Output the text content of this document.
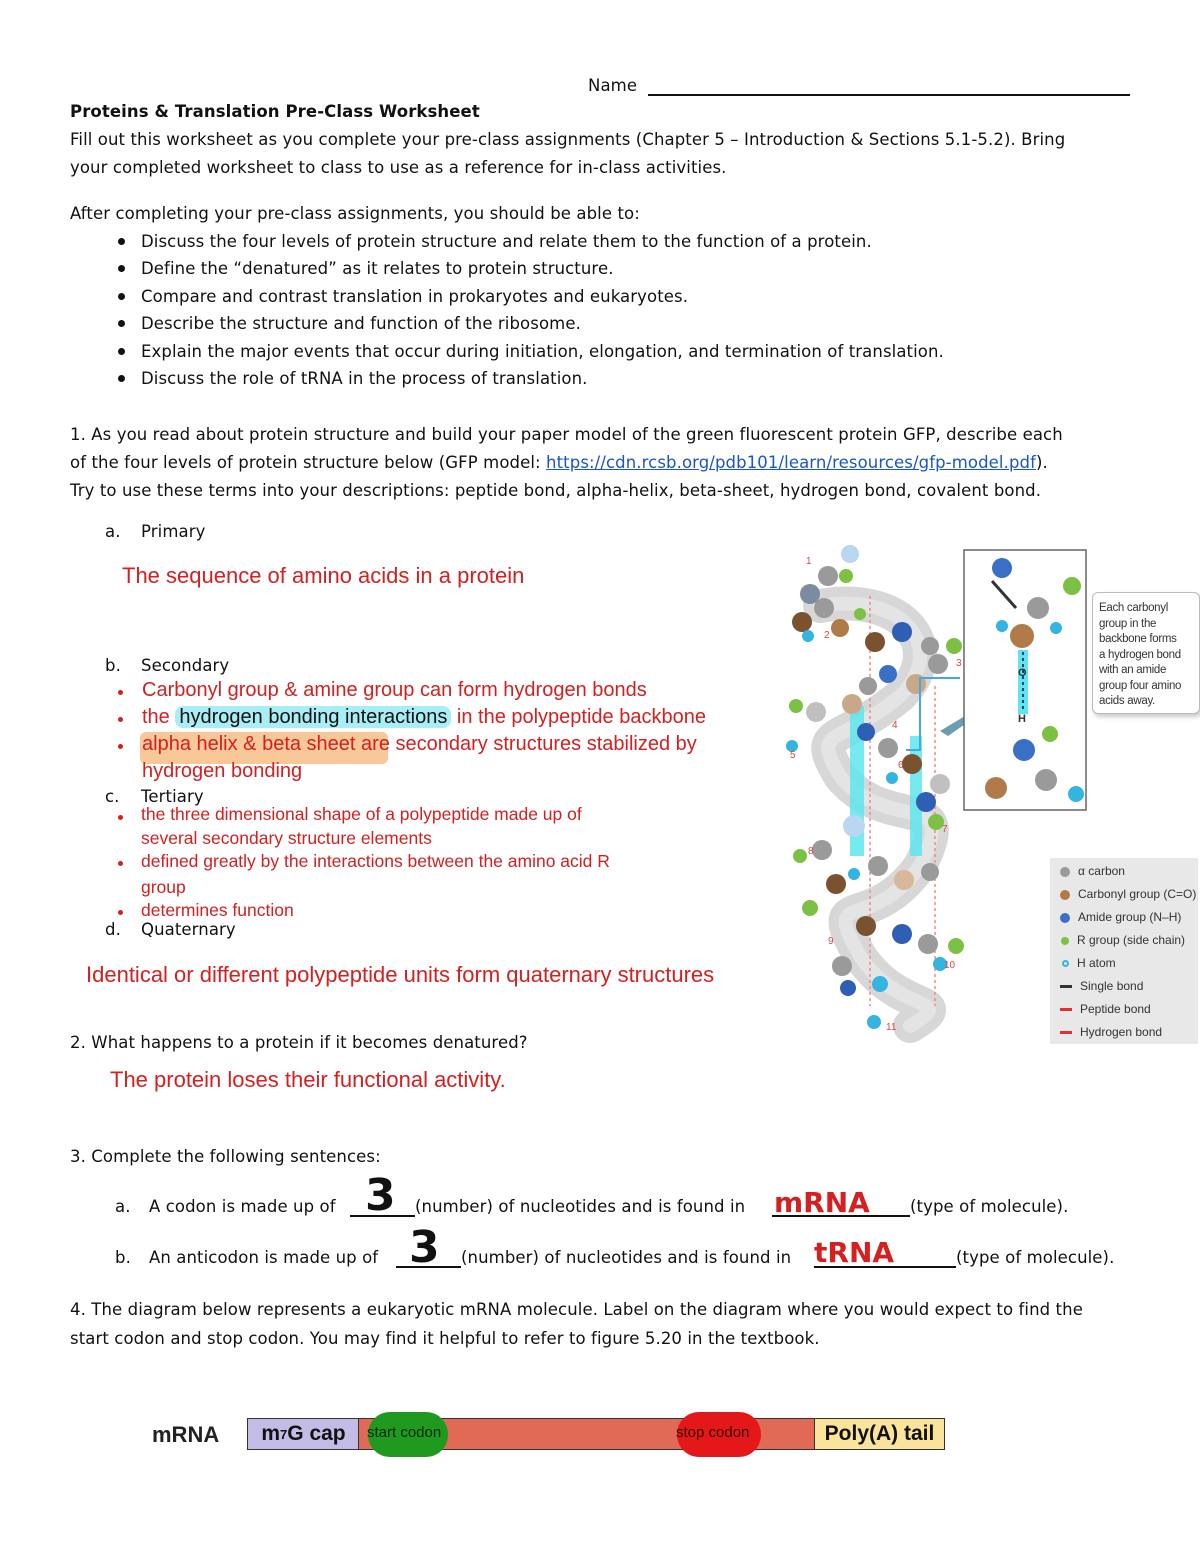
Name
Proteins & Translation Pre-Class Worksheet
Fill out this worksheet as you complete your pre-class assignments (Chapter 5 – Introduction & Sections 5.1-5.2). Bring
your completed worksheet to class to use as a reference for in-class activities.
After completing your pre-class assignments, you should be able to:
Discuss the four levels of protein structure and relate them to the function of a protein.
Define the “denatured” as it relates to protein structure.
Compare and contrast translation in prokaryotes and eukaryotes.
Describe the structure and function of the ribosome.
Explain the major events that occur during initiation, elongation, and termination of translation.
Discuss the role of tRNA in the process of translation.
1. As you read about protein structure and build your paper model of the green fluorescent protein GFP, describe each
of the four levels of protein structure below (GFP model: https://cdn.rcsb.org/pdb101/learn/resources/gfp-model.pdf).
Try to use these terms into your descriptions: peptide bond, alpha-helix, beta-sheet, hydrogen bond, covalent bond.
a. Primary
The sequence of amino acids in a protein
b. Secondary
Carbonyl group & amine group can form hydrogen bonds
the hydrogen bonding interactions in the polypeptide backbone
alpha helix & beta sheet are secondary structures stabilized by
hydrogen bonding
c. Tertiary
the three dimensional shape of a polypeptide made up of
several secondary structure elements
defined greatly by the interactions between the amino acid R
group
determines function
d. Quaternary
Identical or different polypeptide units form quaternary structures
1
2
3
4
5
6
7
8
9
10
11
O
H
Each carbonyl
group in the
backbone forms
a hydrogen bond
with an amide
group four amino
acids away.
α carbon
Carbonyl group (C=O)
Amide group (N–H)
R group (side chain)
H atom
Single bond
Peptide bond
Hydrogen bond
2. What happens to a protein if it becomes denatured?
The protein loses their functional activity.
3. Complete the following sentences:
a. A codon is made up of 3 (number) of nucleotides and is found in mRNA (type of molecule).
b. An anticodon is made up of 3 (number) of nucleotides and is found in tRNA	(type of molecule).
4. The diagram below represents a eukaryotic mRNA molecule. Label on the diagram where you would expect to find the
start codon and stop codon. You may find it helpful to refer to figure 5.20 in the textbook.
mRNA m 7 G cap	Poly(A) tail
start codon	stop codon
